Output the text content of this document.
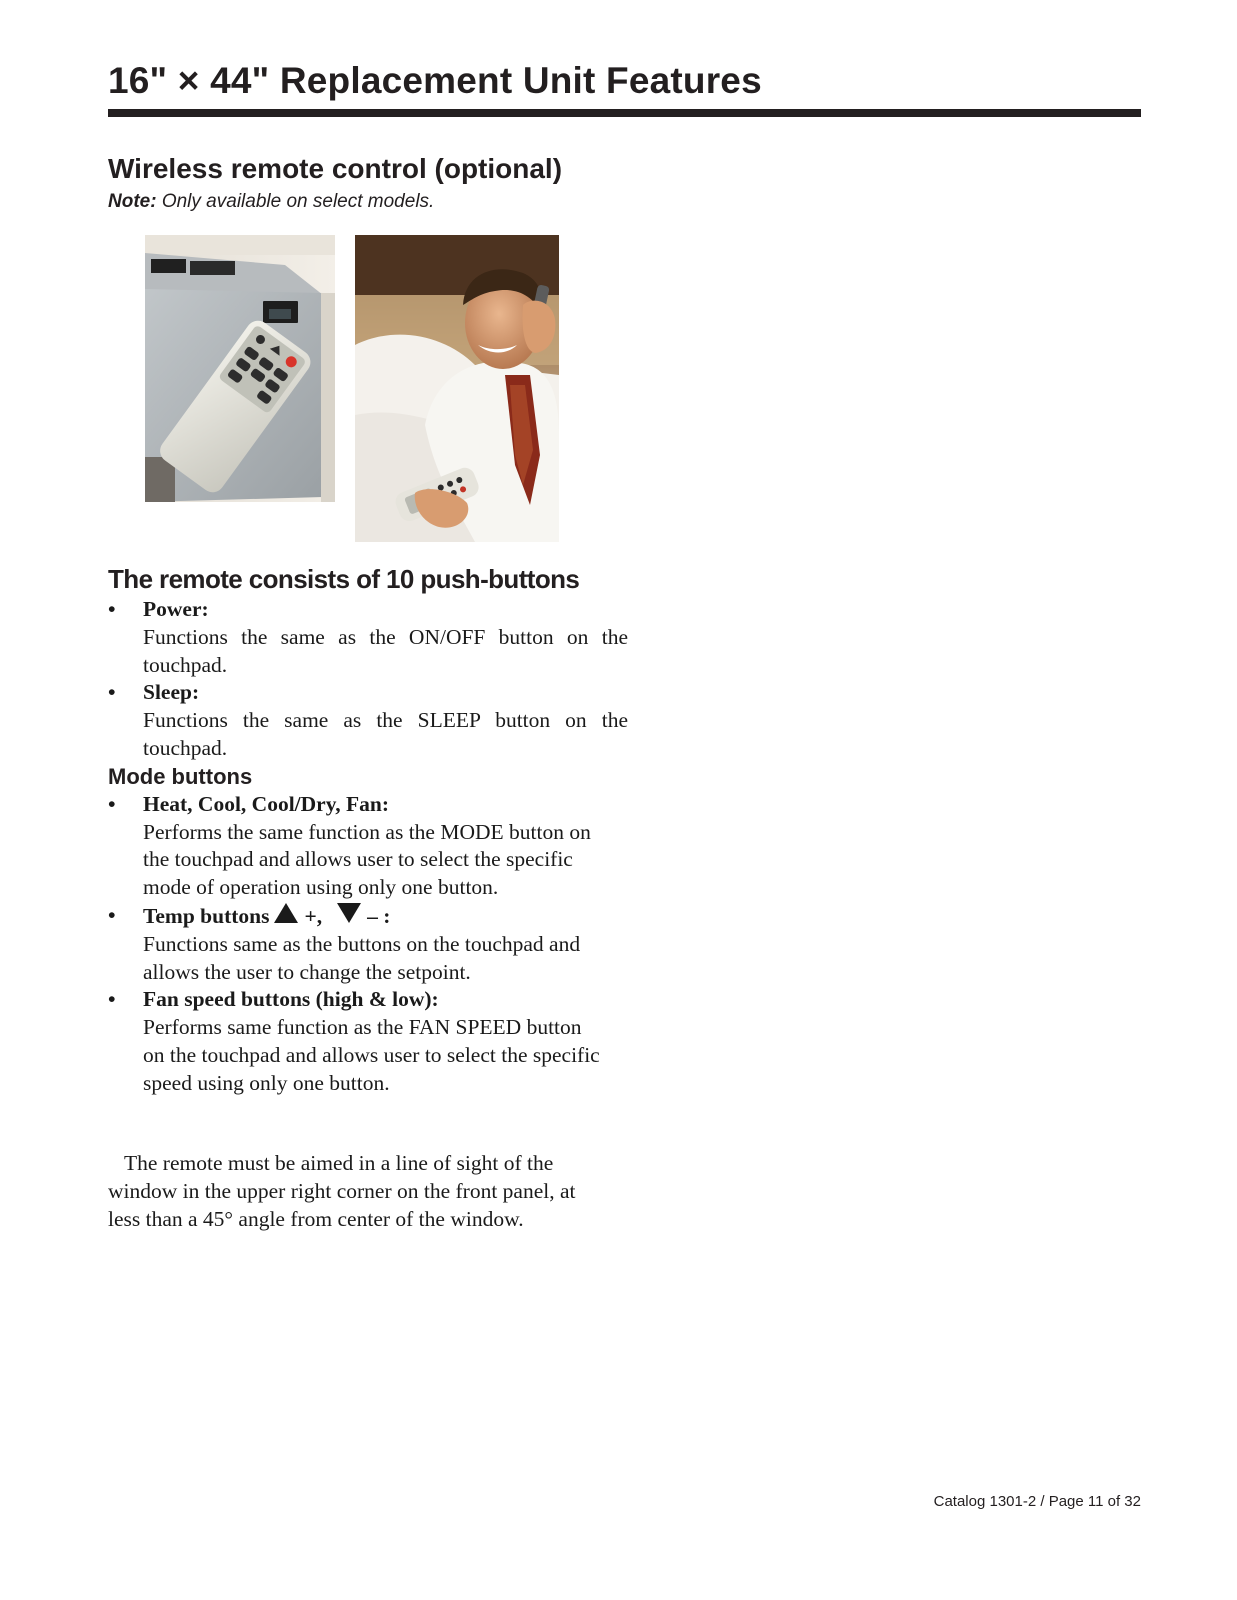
16" × 44" Replacement Unit Features
Wireless remote control (optional)
Note: Only available on select models.
The remote consists of 10 push-buttons
• Power:
Functions the same as the ON/OFF button on the touchpad.
• Sleep:
Functions the same as the SLEEP button on the touchpad.
Mode buttons
• Heat, Cool, Cool/Dry, Fan:
Performs the same function as the MODE button on the touchpad and allows user to select the specific mode of operation using only one button.
• Temp buttons +, – :
Functions same as the buttons on the touchpad and allows the user to change the setpoint.
• Fan speed buttons (high & low):
Performs same function as the FAN SPEED button on the touchpad and allows user to select the specific speed using only one button.

The remote must be aimed in a line of sight of the window in the upper right corner on the front panel, at less than a 45° angle from center of the window.

Catalog 1301-2 / Page 11 of 32
